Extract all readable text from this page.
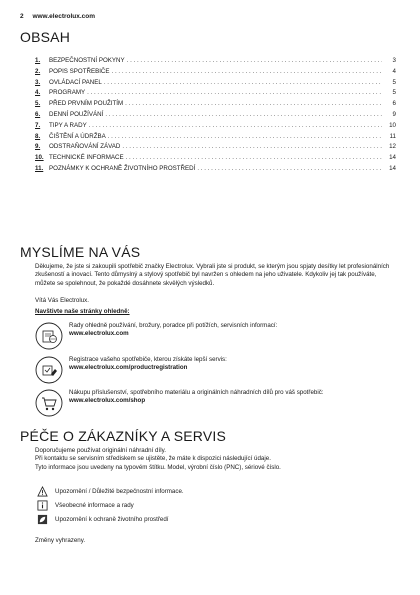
2 www.electrolux.com
OBSAH
1.	BEZPEČNOSTNÍ POKYNY . . .	3
2.	POPIS SPOTŘEBIČE . . .	4
3.	OVLÁDACÍ PANEL . . .	5
4.	PROGRAMY . . .	5
5.	PŘED PRVNÍM POUŽITÍM . . .	6
6.	DENNÍ POUŽÍVÁNÍ . . .	9
7.	TIPY A RADY . . .	10
8.	ČIŠTĚNÍ A ÚDRŽBA . . .	11
9.	ODSTRAŇOVÁNÍ ZÁVAD . . .	12
10. TECHNICKÉ INFORMACE . . .	14
11. POZNÁMKY K OCHRANĚ ŽIVOTNÍHO PROSTŘEDÍ . . .	14
MYSLÍME NA VÁS

Děkujeme, že jste si zakoupili spotřebič značky Electrolux. Vybrali jste si produkt, se kterým jsou spjaty desítky let profesionálních zkušeností a inovací. Tento důmyslný a stylový spotřebič byl navržen s ohledem na jeho uživatele. Kdykoliv jej tak používáte, můžete se spolehnout, že pokaždé dosáhnete skvělých výsledků.

Vítá Vás Electrolux.

Navštivte naše stránky ohledně:

Rady ohledně používání, brožury, poradce při potížích, servisních informací:
www.electrolux.com
Registrace vašeho spotřebiče, kterou získáte lepší servis:
www.electrolux.com/productregistration
Nákupu příslušenství, spotřebního materiálu a originálních náhradních dílů pro váš spotřebič:
www.electrolux.com/shop
PÉČE O ZÁKAZNÍKY A SERVIS

Doporučujeme používat originální náhradní díly.
Při kontaktu se servisním střediskem se ujistěte, že máte k dispozici následující údaje.
Tyto informace jsou uvedeny na typovém štítku. Model, výrobní číslo (PNC), sériové číslo.

Upozornění / Důležité bezpečnostní informace.
Všeobecné informace a rady
Upozornění k ochraně životního prostředí

Změny vyhrazeny.
